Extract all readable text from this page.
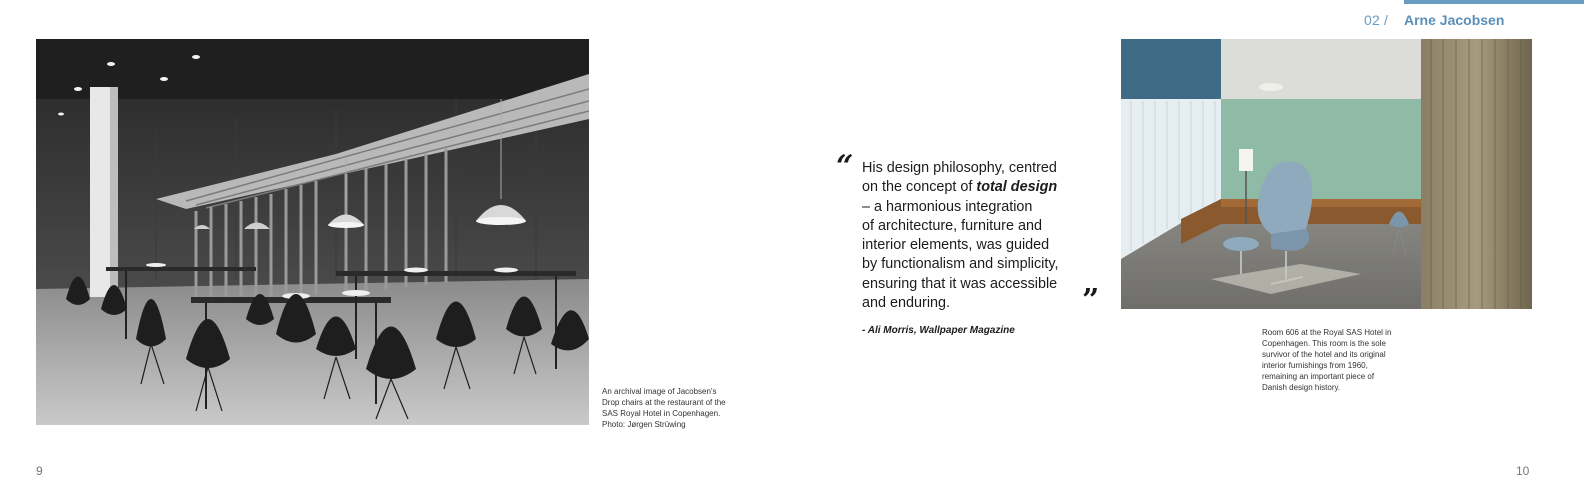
02 / Arne Jacobsen

An archival image of Jacobsen's

Drop chairs at the restaurant of the

SAS Royal Hotel in Copenhagen.

Photo: Jørgen Strüwing

“ His design philosophy, centred
on the concept of total design
– a harmonious integration
of architecture, furniture and
interior elements, was guided
by functionalism and simplicity,
ensuring that it was accessible
and enduring.	”
- Ali Morris, Wallpaper Magazine	Room 606 at the Royal SAS Hotel in

Copenhagen. This room is the sole

survivor of the hotel and its original

interior furnishings from 1960,

remaining an important piece of

Danish design history.

9	10
